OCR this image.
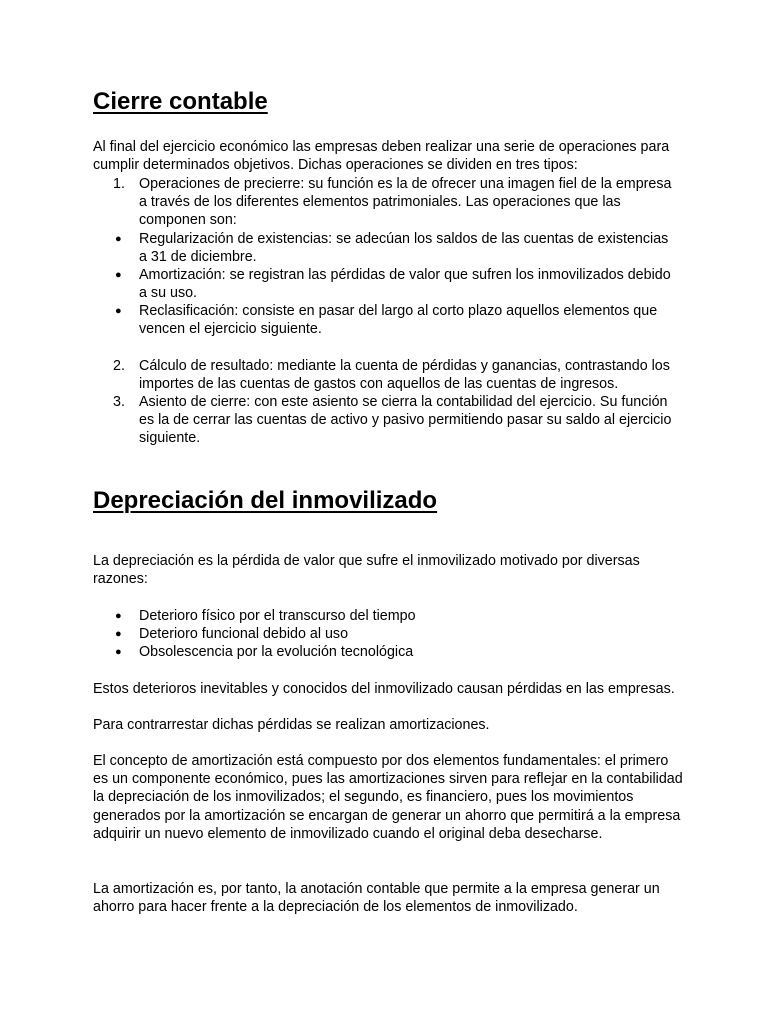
Cierre contable

Al final del ejercicio económico las empresas deben realizar una serie de operaciones para cumplir determinados objetivos. Dichas operaciones se dividen en tres tipos:

1. Operaciones de precierre: su función es la de ofrecer una imagen fiel de la empresa a través de los diferentes elementos patrimoniales. Las operaciones que las componen son:
●	Regularización de existencias: se adecúan los saldos de las cuentas de existencias a 31 de diciembre.
●	Amortización: se registran las pérdidas de valor que sufren los inmovilizados debido a su uso.
●	Reclasificación: consiste en pasar del largo al corto plazo aquellos elementos que vencen el ejercicio siguiente.
2. Cálculo de resultado: mediante la cuenta de pérdidas y ganancias, contrastando los importes de las cuentas de gastos con aquellos de las cuentas de ingresos.
3. Asiento de cierre: con este asiento se cierra la contabilidad del ejercicio. Su función es la de cerrar las cuentas de activo y pasivo permitiendo pasar su saldo al ejercicio siguiente.
Depreciación del inmovilizado

La depreciación es la pérdida de valor que sufre el inmovilizado motivado por diversas razones:

●	Deterioro físico por el transcurso del tiempo
●	Deterioro funcional debido al uso
●	Obsolescencia por la evolución tecnológica

Estos deterioros inevitables y conocidos del inmovilizado causan pérdidas en las empresas.

Para contrarrestar dichas pérdidas se realizan amortizaciones.

El concepto de amortización está compuesto por dos elementos fundamentales: el primero es un componente económico, pues las amortizaciones sirven para reflejar en la contabilidad la depreciación de los inmovilizados; el segundo, es financiero, pues los movimientos generados por la amortización se encargan de generar un ahorro que permitirá a la empresa adquirir un nuevo elemento de inmovilizado cuando el original deba desecharse.

La amortización es, por tanto, la anotación contable que permite a la empresa generar un ahorro para hacer frente a la depreciación de los elementos de inmovilizado.
